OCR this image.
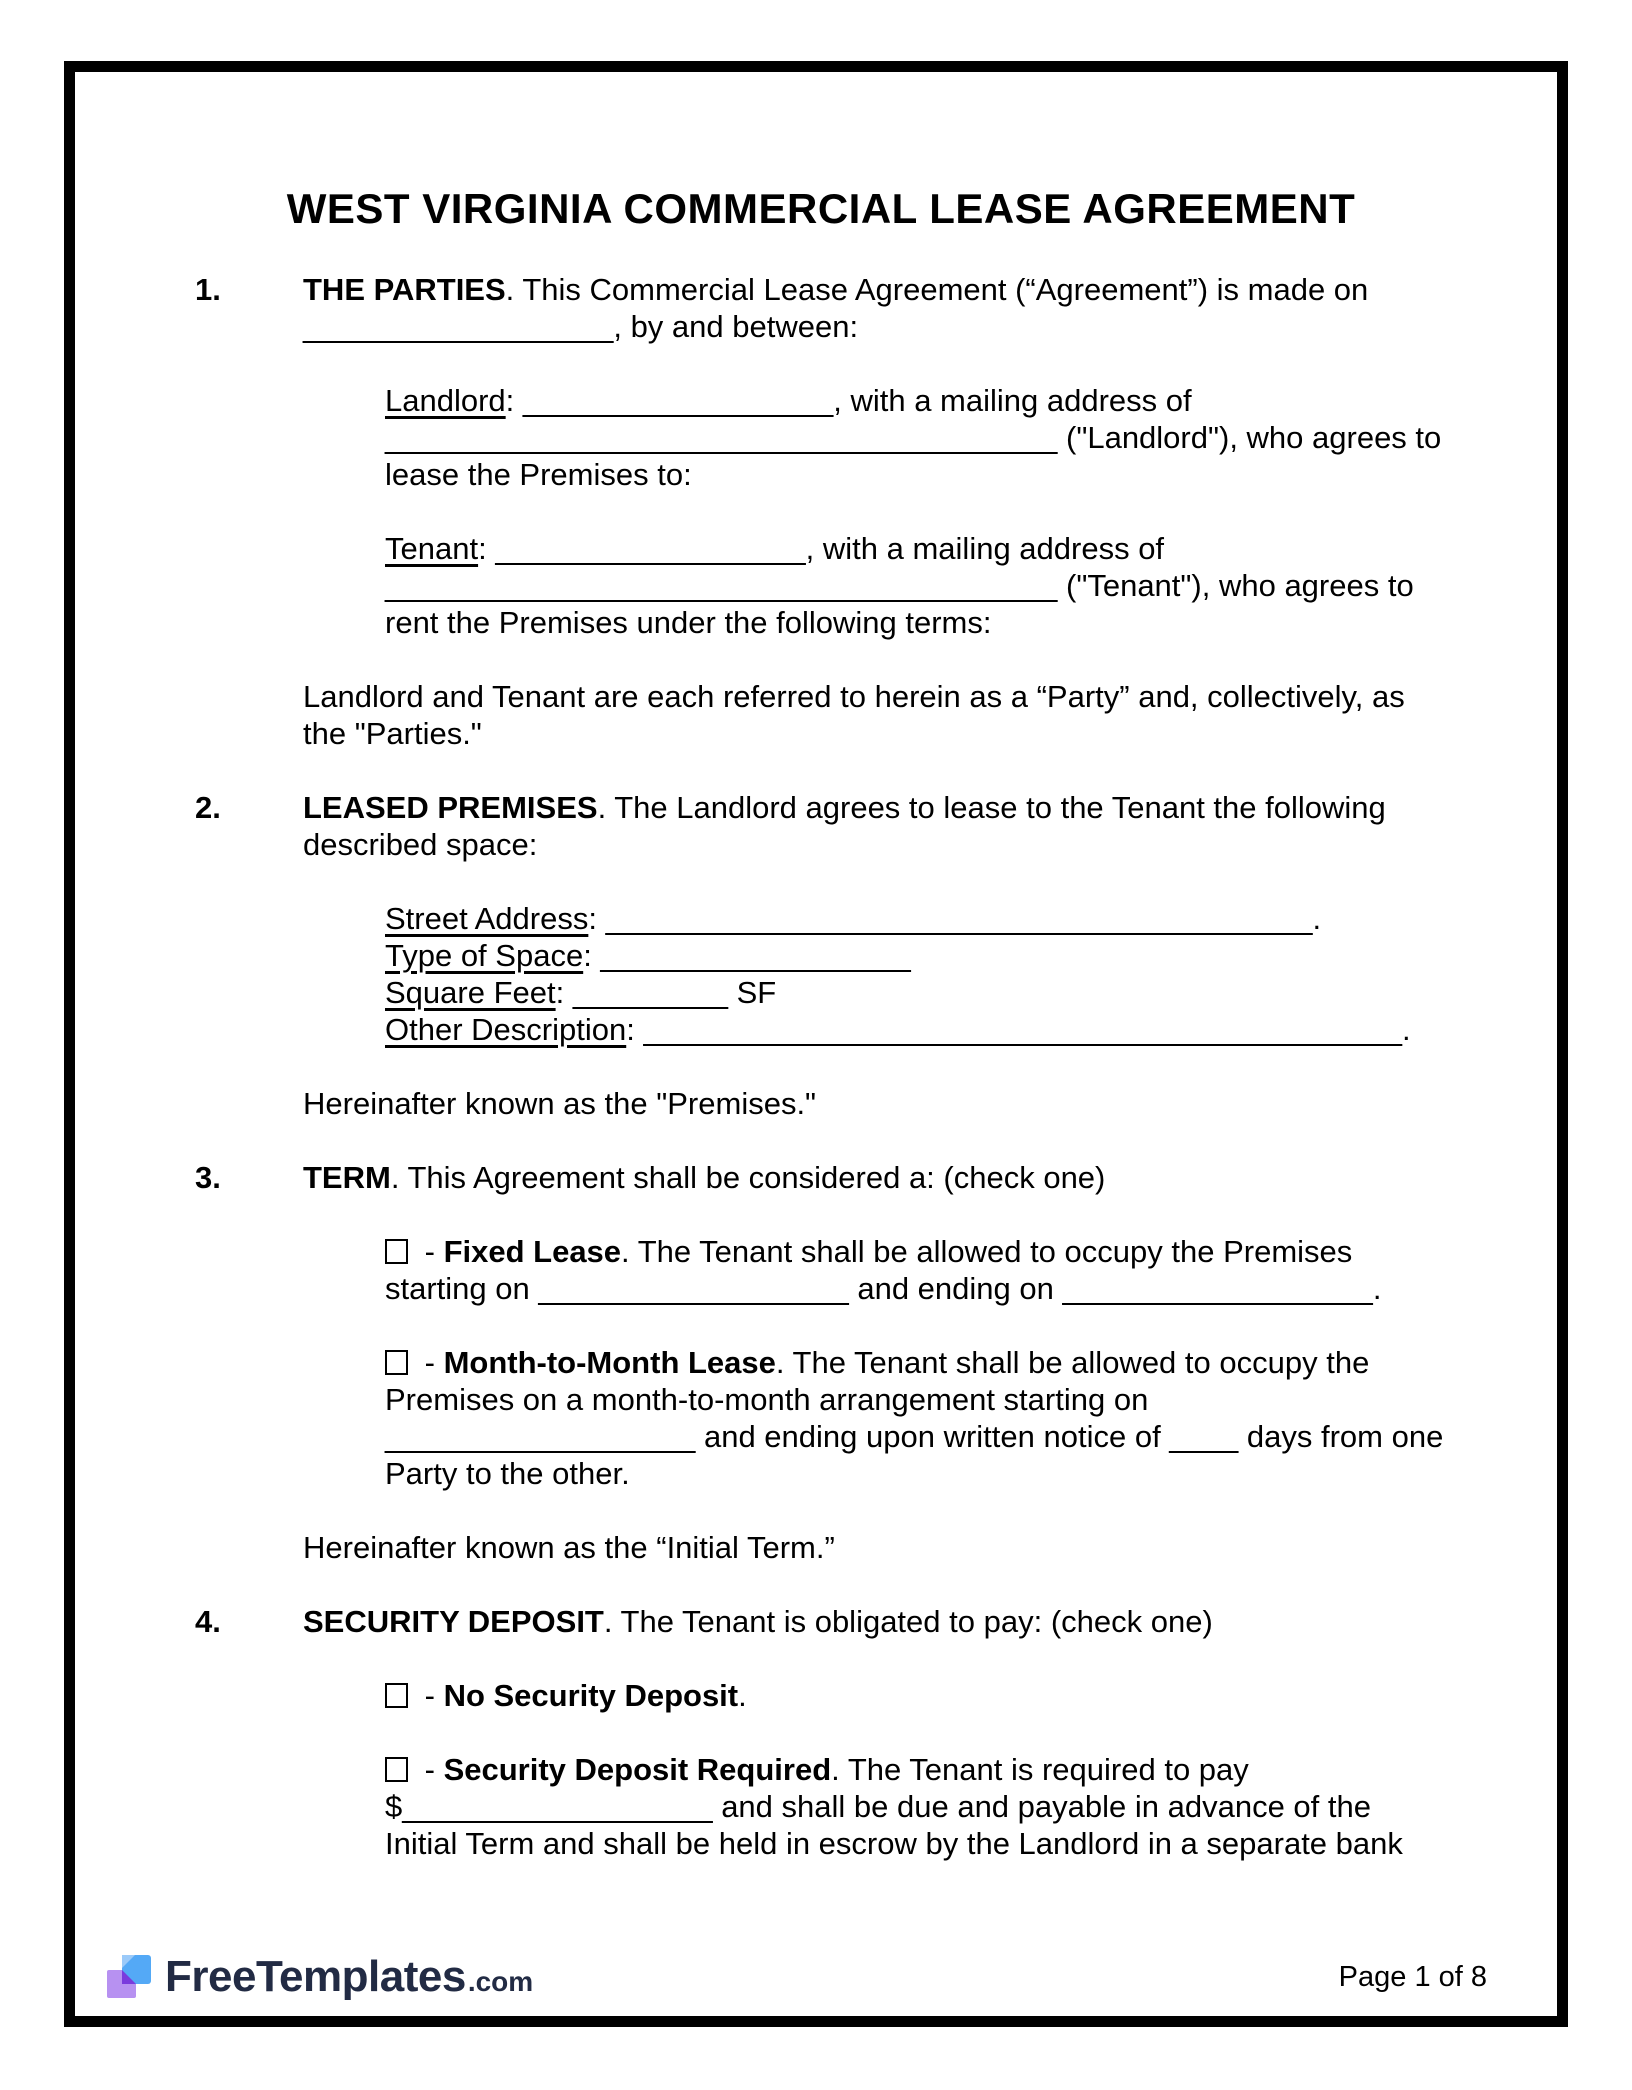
WEST VIRGINIA COMMERCIAL LEASE AGREEMENT
1.	THE PARTIES. This Commercial Lease Agreement (“Agreement”) is made on __________________, by and between:
Landlord: __________________, with a mailing address of _______________________________________ ("Landlord"), who agrees to lease the Premises to:
Tenant: __________________, with a mailing address of _______________________________________ ("Tenant"), who agrees to rent the Premises under the following terms:
Landlord and Tenant are each referred to herein as a “Party” and, collectively, as the "Parties."
2.	LEASED PREMISES. The Landlord agrees to lease to the Tenant the following described space:
Street Address: _________________________________________.
Type of Space: __________________
Square Feet: _________ SF
Other Description: ____________________________________________.
Hereinafter known as the "Premises."
3.	TERM. This Agreement shall be considered a: (check one)
- Fixed Lease. The Tenant shall be allowed to occupy the Premises starting on __________________ and ending on __________________.
- Month-to-Month Lease. The Tenant shall be allowed to occupy the Premises on a month-to-month arrangement starting on __________________ and ending upon written notice of ____ days from one Party to the other.
Hereinafter known as the “Initial Term.”
4.	SECURITY DEPOSIT. The Tenant is obligated to pay: (check one)
- No Security Deposit.
- Security Deposit Required. The Tenant is required to pay $__________________ and shall be due and payable in advance of the Initial Term and shall be held in escrow by the Landlord in a separate bank
FreeTemplates .com	Page 1 of 8
